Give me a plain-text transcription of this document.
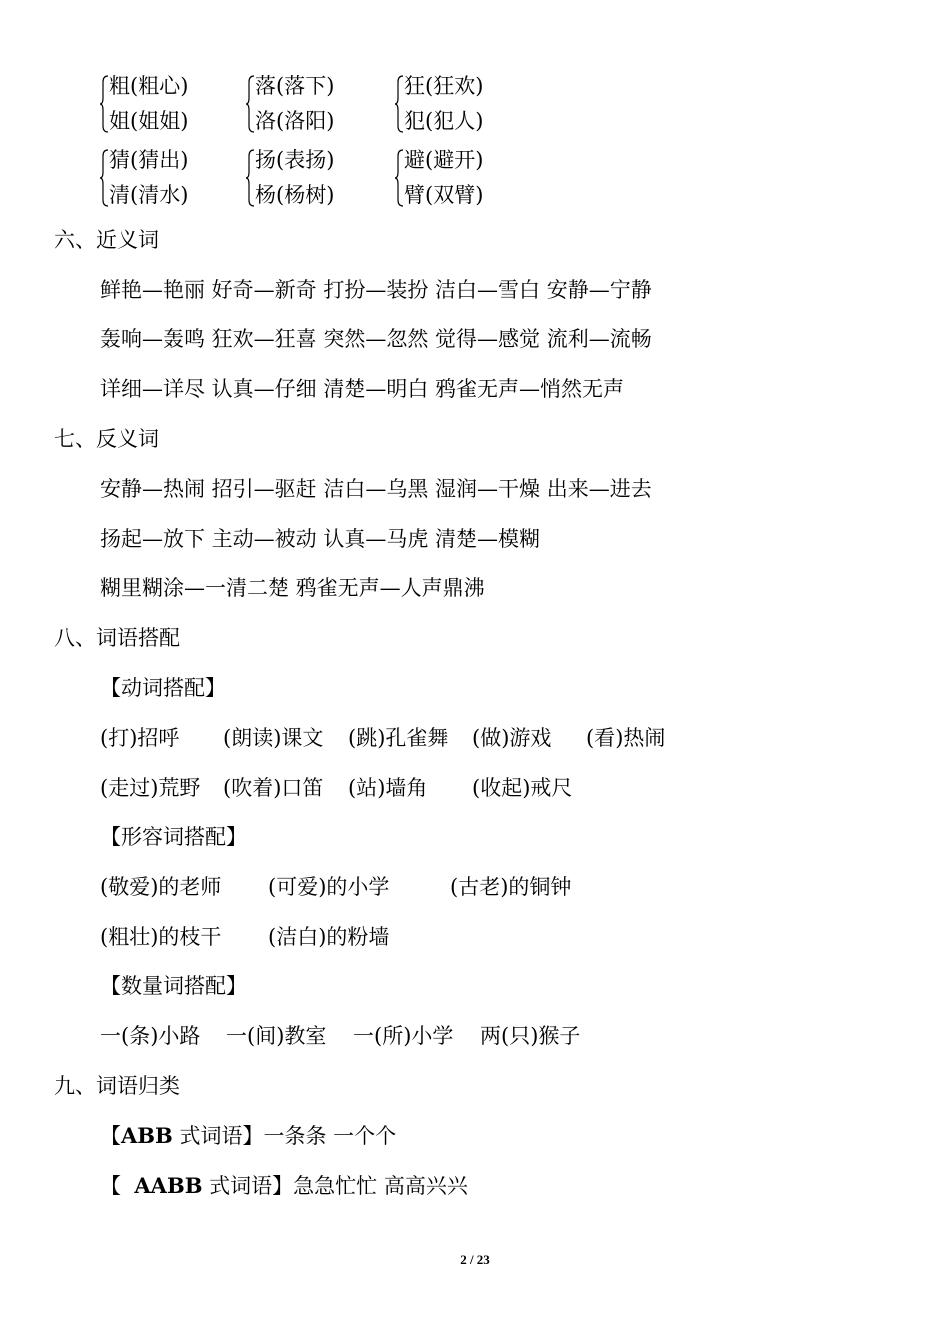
粗(粗心)
姐(姐姐)
落(落下)
洛(洛阳)
狂(狂欢)
犯(犯人)
猜(猜出)
清(清水)
扬(表扬)
杨(杨树)
避(避开)
臂(双臂)
六、近义词
鲜艳—艳丽 好奇—新奇 打扮—装扮 洁白—雪白 安静—宁静
轰响—轰鸣 狂欢—狂喜 突然—忽然 觉得—感觉 流利—流畅
详细—详尽 认真—仔细 清楚—明白 鸦雀无声—悄然无声
七、反义词
安静—热闹 招引—驱赶 洁白—乌黑 湿润—干燥 出来—进去
扬起—放下 主动—被动 认真—马虎 清楚—模糊
糊里糊涂—一清二楚 鸦雀无声—人声鼎沸
八、词语搭配
【动词搭配】
(打)招呼 (朗读)课文 (跳)孔雀舞 (做)游戏 (看)热闹
(走过)荒野 (吹着)口笛 (站)墙角 (收起)戒尺
【形容词搭配】
(敬爱)的老师 (可爱)的小学	(古老)的铜钟
(粗壮)的枝干 (洁白)的粉墙
【数量词搭配】
一(条)小路 一(间)教室 一(所)小学 两(只)猴子
九、词语归类
【ABB 式词语】一条条 一个个
【  AABB 式词语】急急忙忙 高高兴兴
2 / 23
